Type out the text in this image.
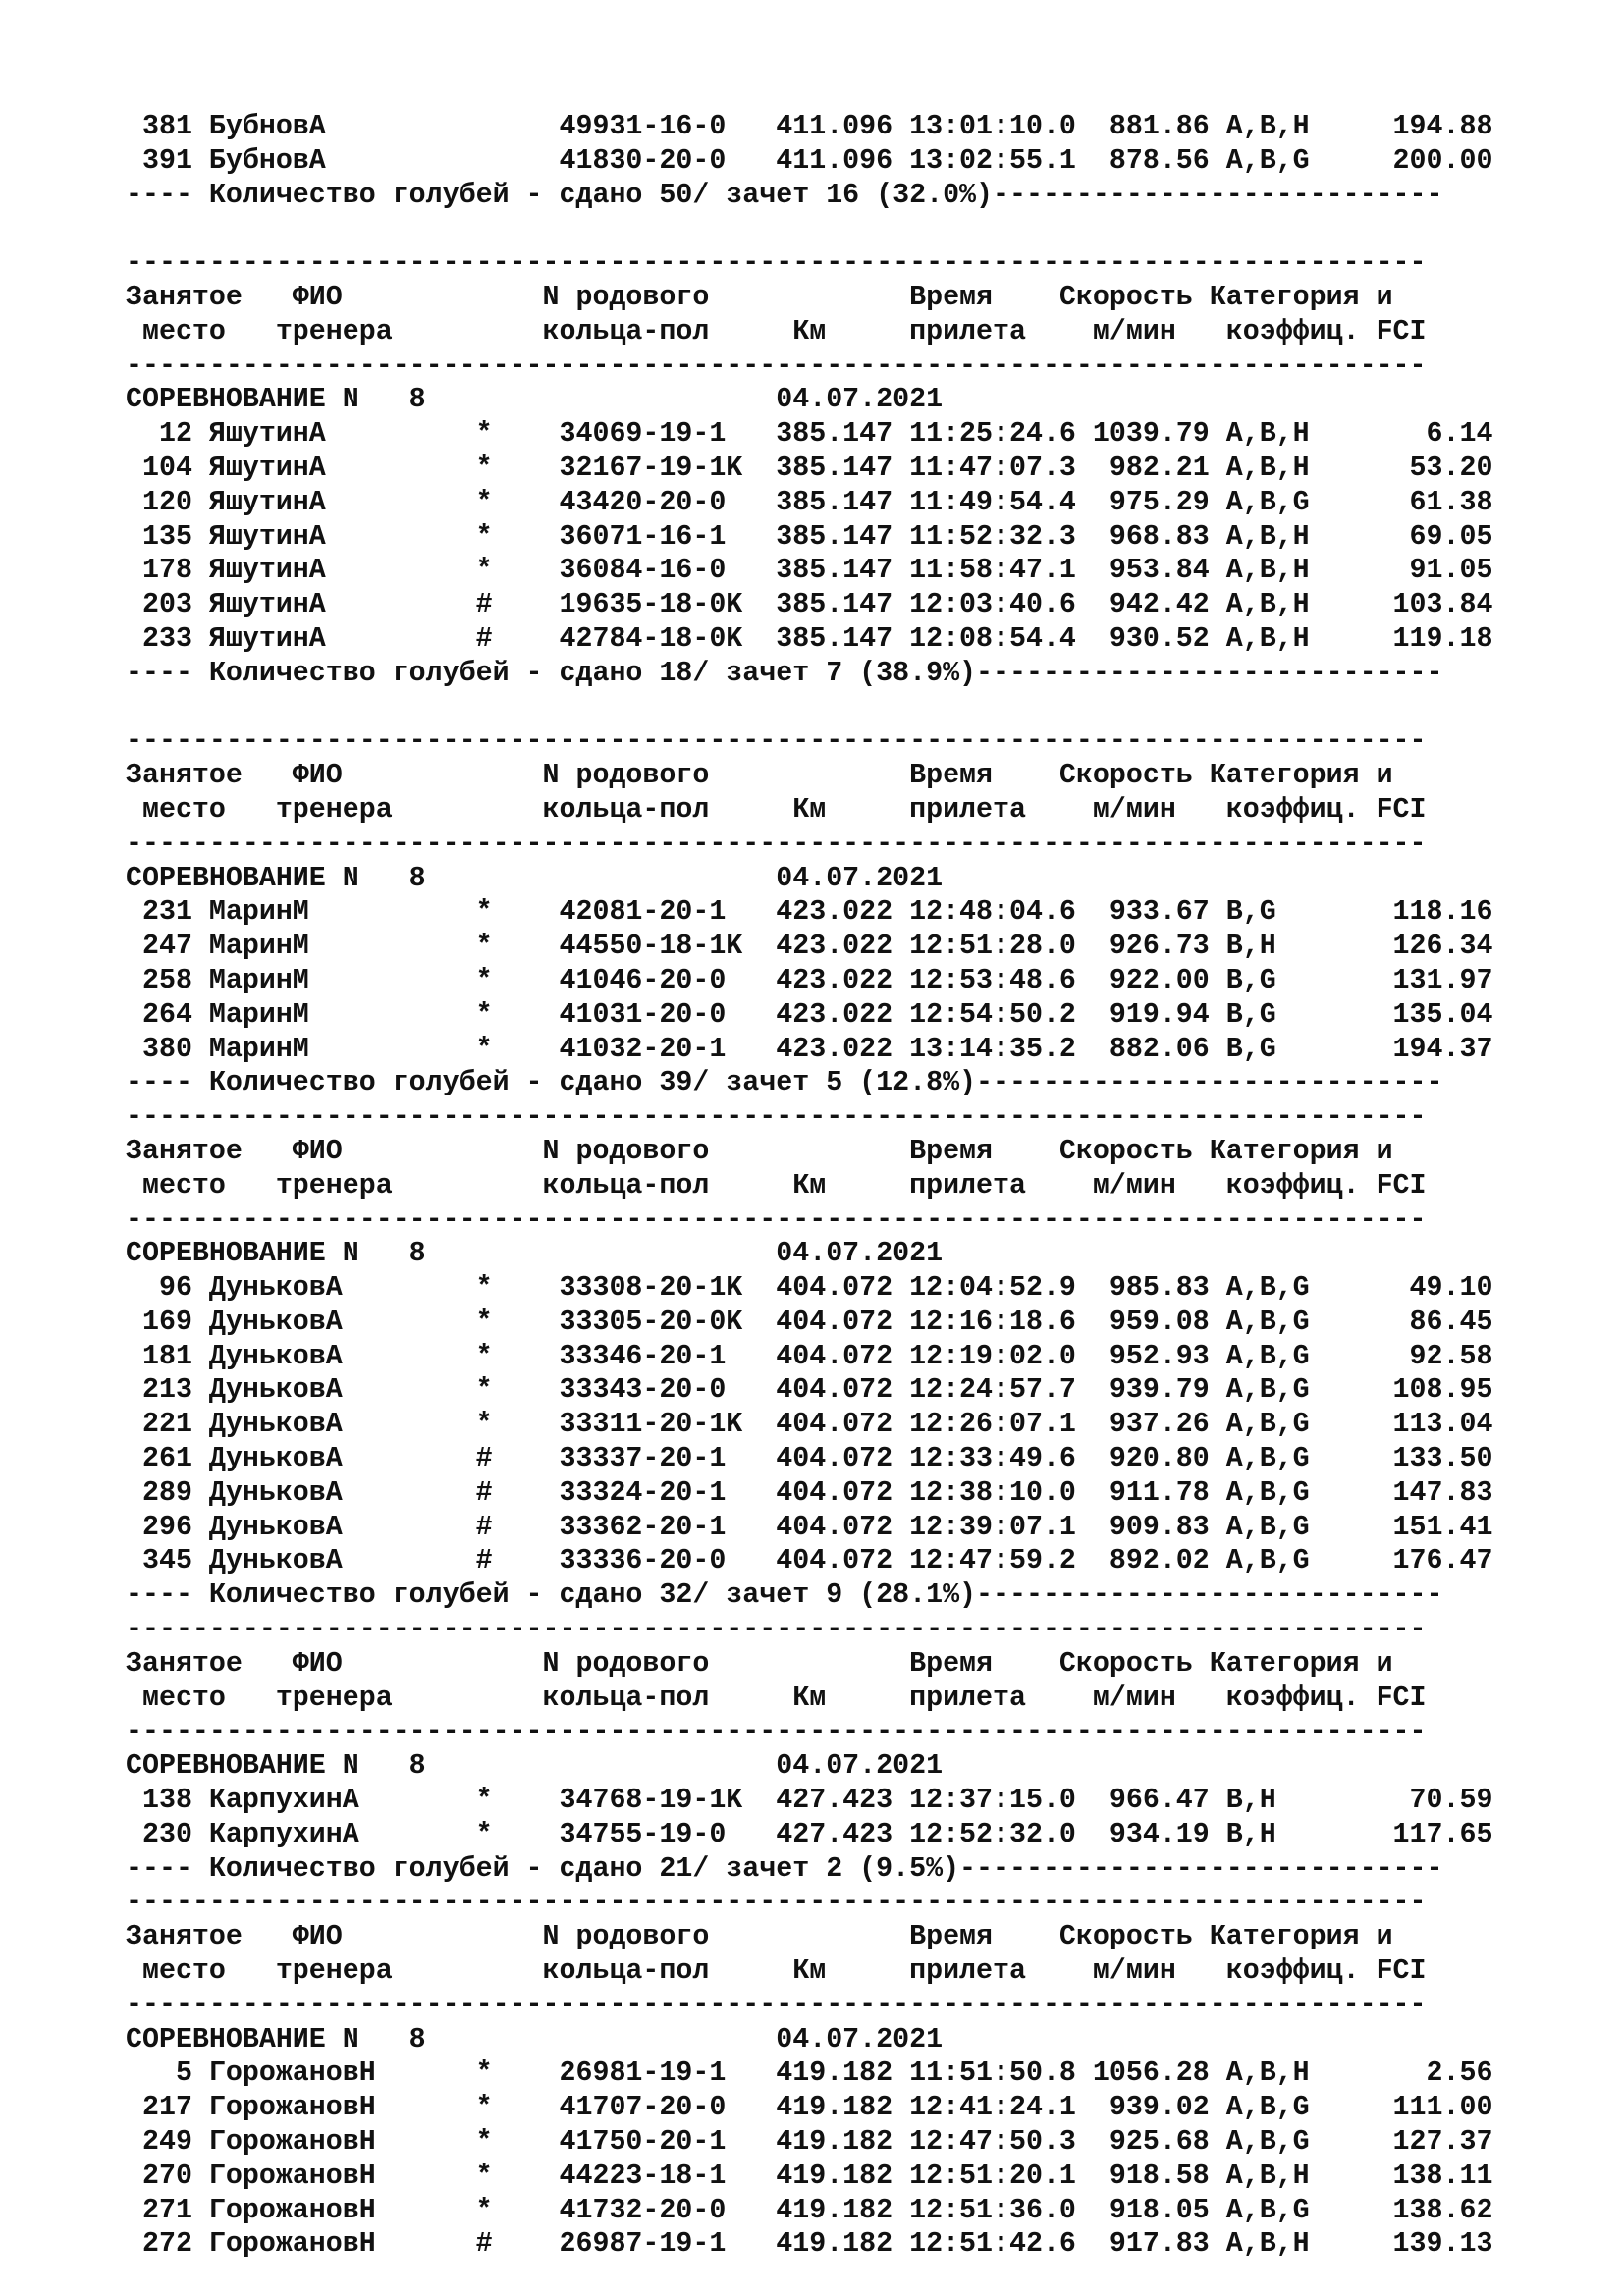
381 БубновА              49931-16-0   411.096 13:01:10.0  881.86 A,B,H     194.88
391 БубновА              41830-20-0   411.096 13:02:55.1  878.56 A,B,G     200.00
---- Количество голубей - сдано 50/ зачет 16 (32.0%)---------------------------
------------------------------------------------------------------------------
Занятое   ФИО            N родового            Время    Скорость Категория и
место   тренера         кольца-пол     Км     прилета    м/мин   коэффиц. FCI
------------------------------------------------------------------------------
СОРЕВНОВАНИЕ N   8                     04.07.2021
12 ЯшутинА         *    34069-19-1   385.147 11:25:24.6 1039.79 A,B,H       6.14
104 ЯшутинА         *    32167-19-1K  385.147 11:47:07.3  982.21 A,B,H      53.20
120 ЯшутинА         *    43420-20-0   385.147 11:49:54.4  975.29 A,B,G      61.38
135 ЯшутинА         *    36071-16-1   385.147 11:52:32.3  968.83 A,B,H      69.05
178 ЯшутинА         *    36084-16-0   385.147 11:58:47.1  953.84 A,B,H      91.05
203 ЯшутинА         #    19635-18-0K  385.147 12:03:40.6  942.42 A,B,H     103.84
233 ЯшутинА         #    42784-18-0K  385.147 12:08:54.4  930.52 A,B,H     119.18
---- Количество голубей - сдано 18/ зачет 7 (38.9%)----------------------------
------------------------------------------------------------------------------
Занятое   ФИО            N родового            Время    Скорость Категория и
место   тренера         кольца-пол     Км     прилета    м/мин   коэффиц. FCI
------------------------------------------------------------------------------
СОРЕВНОВАНИЕ N   8                     04.07.2021
231 МаринМ          *    42081-20-1   423.022 12:48:04.6  933.67 B,G       118.16
247 МаринМ          *    44550-18-1K  423.022 12:51:28.0  926.73 B,H       126.34
258 МаринМ          *    41046-20-0   423.022 12:53:48.6  922.00 B,G       131.97
264 МаринМ          *    41031-20-0   423.022 12:54:50.2  919.94 B,G       135.04
380 МаринМ          *    41032-20-1   423.022 13:14:35.2  882.06 B,G       194.37
---- Количество голубей - сдано 39/ зачет 5 (12.8%)----------------------------
------------------------------------------------------------------------------
Занятое   ФИО            N родового            Время    Скорость Категория и
место   тренера         кольца-пол     Км     прилета    м/мин   коэффиц. FCI
------------------------------------------------------------------------------
СОРЕВНОВАНИЕ N   8                     04.07.2021
96 ДуньковА        *    33308-20-1K  404.072 12:04:52.9  985.83 A,B,G      49.10
169 ДуньковА        *    33305-20-0K  404.072 12:16:18.6  959.08 A,B,G      86.45
181 ДуньковА        *    33346-20-1   404.072 12:19:02.0  952.93 A,B,G      92.58
213 ДуньковА        *    33343-20-0   404.072 12:24:57.7  939.79 A,B,G     108.95
221 ДуньковА        *    33311-20-1K  404.072 12:26:07.1  937.26 A,B,G     113.04
261 ДуньковА        #    33337-20-1   404.072 12:33:49.6  920.80 A,B,G     133.50
289 ДуньковА        #    33324-20-1   404.072 12:38:10.0  911.78 A,B,G     147.83
296 ДуньковА        #    33362-20-1   404.072 12:39:07.1  909.83 A,B,G     151.41
345 ДуньковА        #    33336-20-0   404.072 12:47:59.2  892.02 A,B,G     176.47
---- Количество голубей - сдано 32/ зачет 9 (28.1%)----------------------------
------------------------------------------------------------------------------
Занятое   ФИО            N родового            Время    Скорость Категория и
место   тренера         кольца-пол     Км     прилета    м/мин   коэффиц. FCI
------------------------------------------------------------------------------
СОРЕВНОВАНИЕ N   8                     04.07.2021
138 КарпухинА       *    34768-19-1K  427.423 12:37:15.0  966.47 B,H        70.59
230 КарпухинА       *    34755-19-0   427.423 12:52:32.0  934.19 B,H       117.65
---- Количество голубей - сдано 21/ зачет 2 (9.5%)-----------------------------
------------------------------------------------------------------------------
Занятое   ФИО            N родового            Время    Скорость Категория и
место   тренера         кольца-пол     Км     прилета    м/мин   коэффиц. FCI
------------------------------------------------------------------------------
СОРЕВНОВАНИЕ N   8                     04.07.2021
5 ГорожановН      *    26981-19-1   419.182 11:51:50.8 1056.28 A,B,H       2.56
217 ГорожановН      *    41707-20-0   419.182 12:41:24.1  939.02 A,B,G     111.00
249 ГорожановН      *    41750-20-1   419.182 12:47:50.3  925.68 A,B,G     127.37
270 ГорожановН      *    44223-18-1   419.182 12:51:20.1  918.58 A,B,H     138.11
271 ГорожановН      *    41732-20-0   419.182 12:51:36.0  918.05 A,B,G     138.62
272 ГорожановН      #    26987-19-1   419.182 12:51:42.6  917.83 A,B,H     139.13
